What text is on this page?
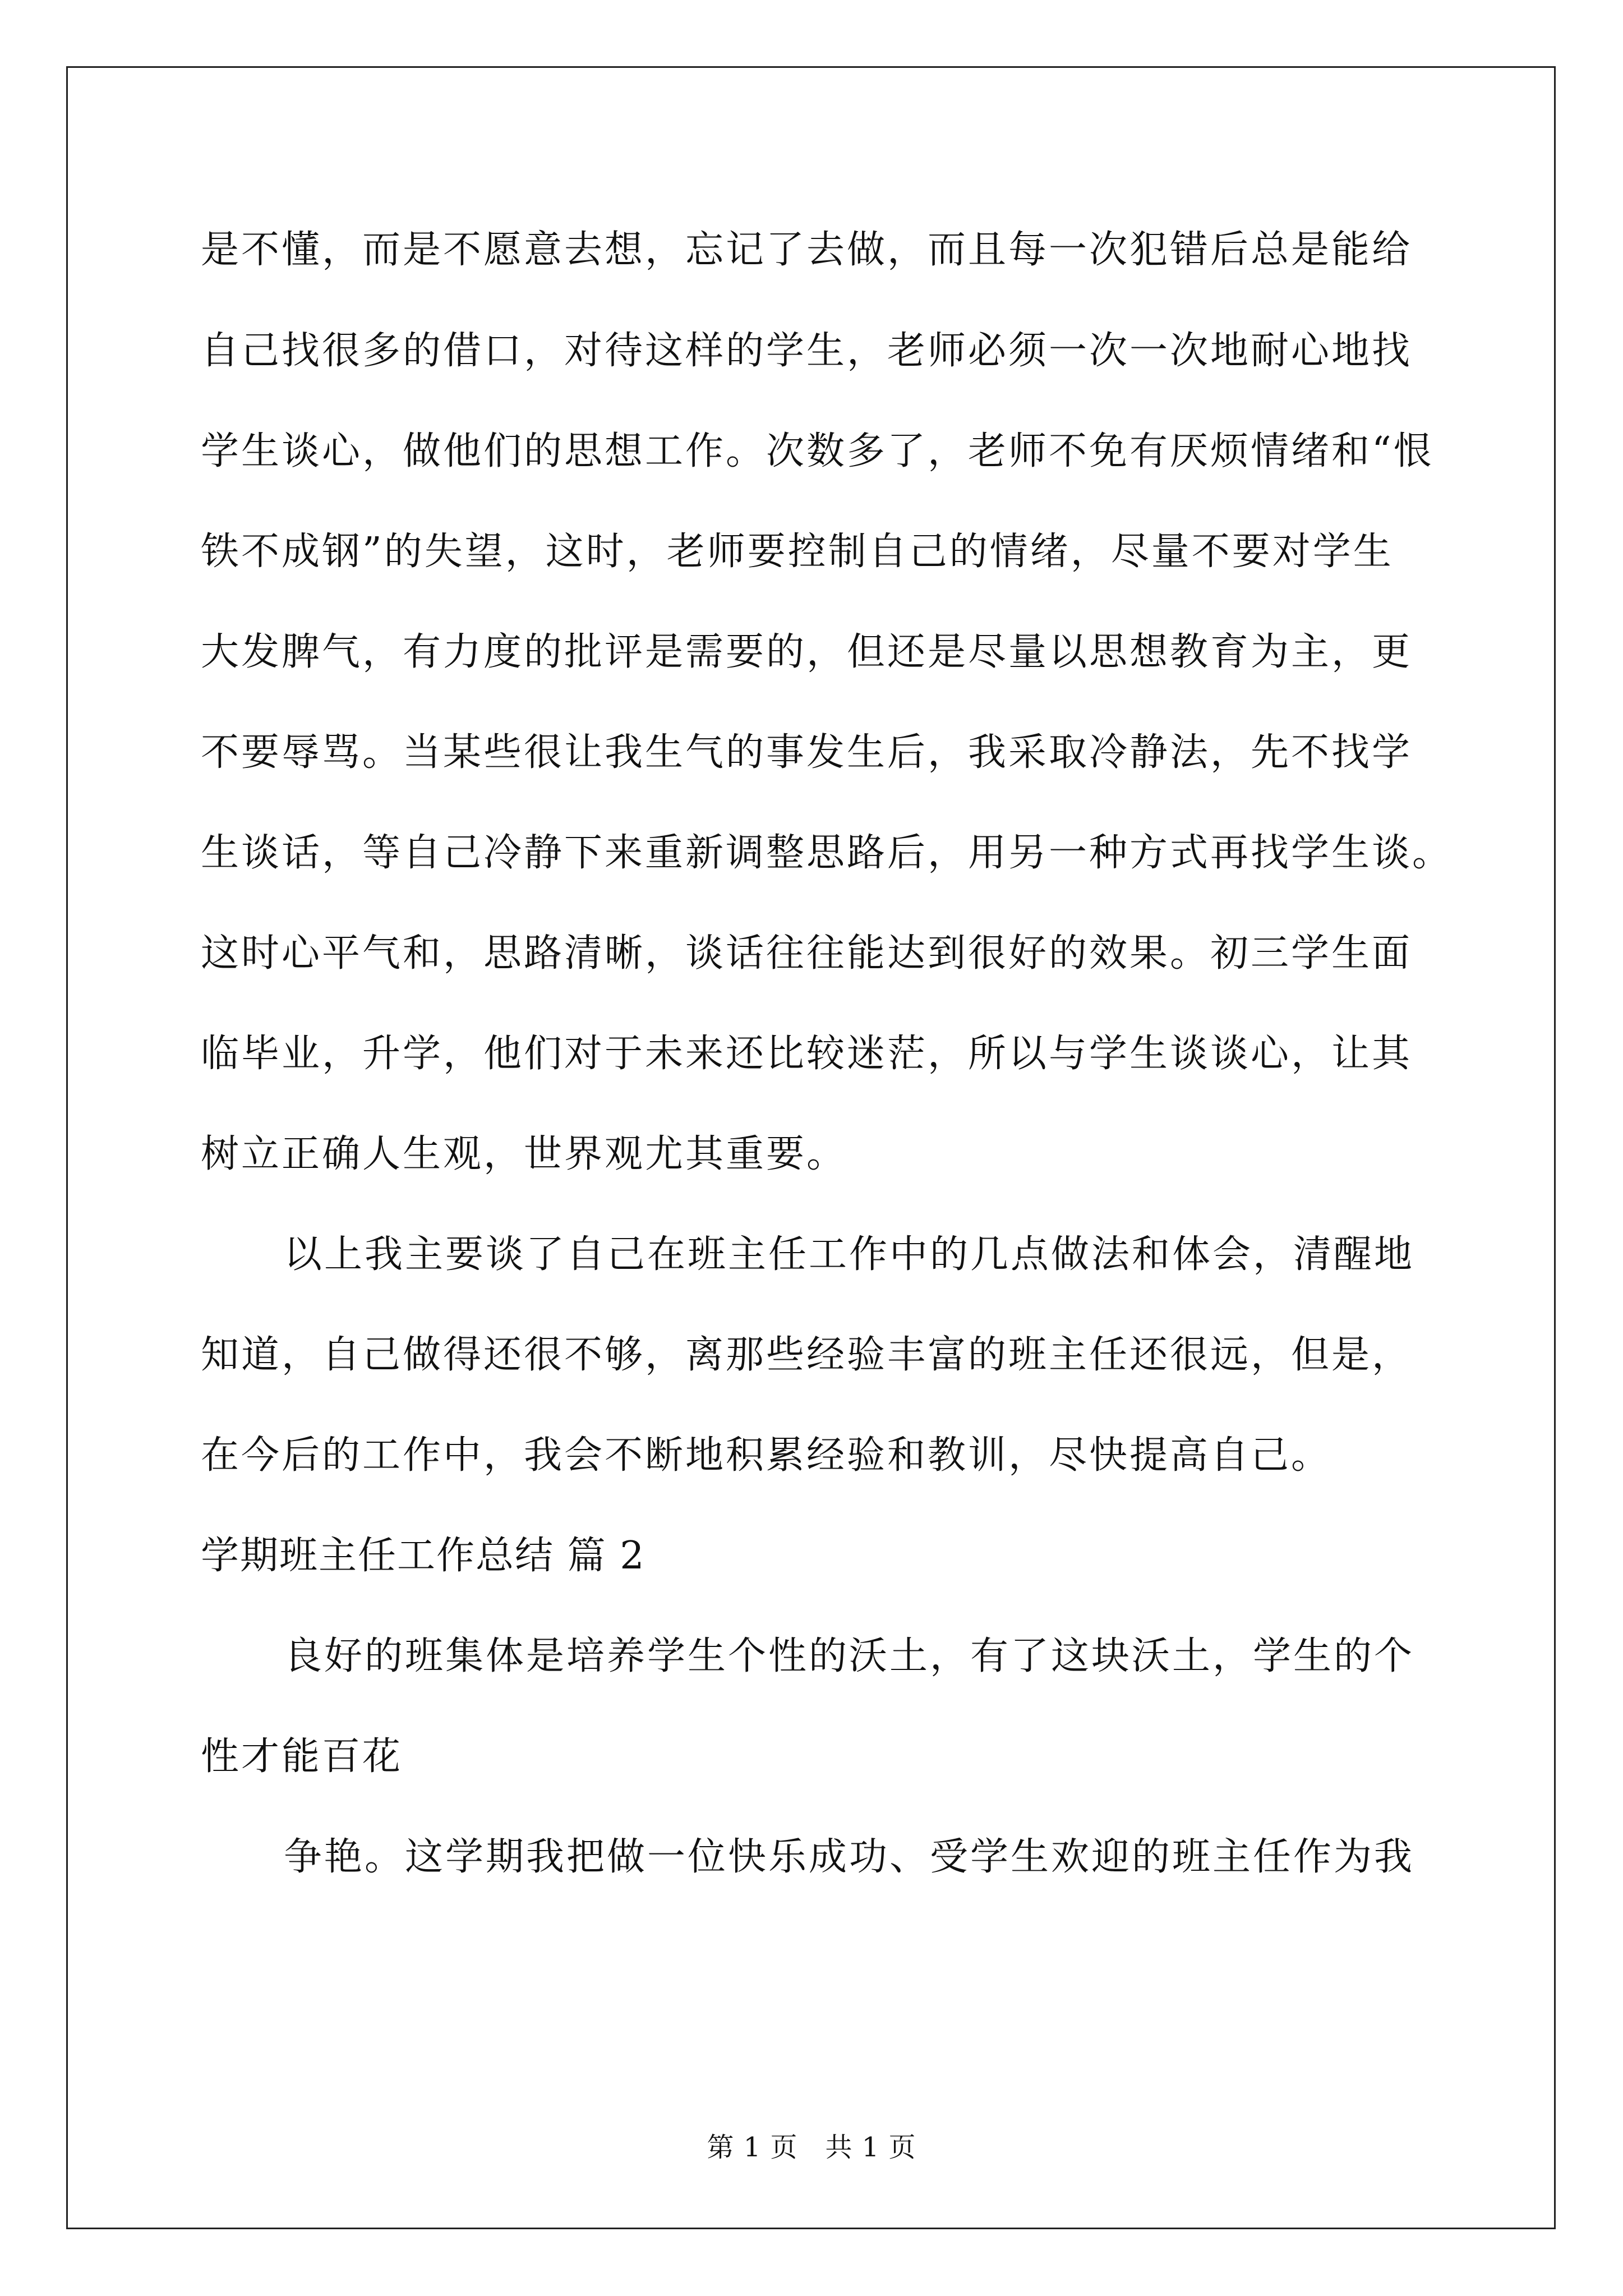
是不懂，而是不愿意去想，忘记了去做，而且每一次犯错后总是能给
自己找很多的借口，对待这样的学生，老师必须一次一次地耐心地找
学生谈心，做他们的思想工作。次数多了，老师不免有厌烦情绪和“恨
铁不成钢”的失望，这时，老师要控制自己的情绪，尽量不要对学生
大发脾气，有力度的批评是需要的，但还是尽量以思想教育为主，更
不要辱骂。当某些很让我生气的事发生后，我采取冷静法，先不找学
生谈话，等自己冷静下来重新调整思路后，用另一种方式再找学生谈。
这时心平气和，思路清晰，谈话往往能达到很好的效果。初三学生面
临毕业，升学，他们对于未来还比较迷茫，所以与学生谈谈心，让其
树立正确人生观，世界观尤其重要。
以上我主要谈了自己在班主任工作中的几点做法和体会，清醒地
知道，自己做得还很不够，离那些经验丰富的班主任还很远，但是，
在今后的工作中，我会不断地积累经验和教训，尽快提高自己。
学期班主任工作总结 篇 2
良好的班集体是培养学生个性的沃土，有了这块沃土，学生的个
性才能百花
争艳。这学期我把做一位快乐成功、受学生欢迎的班主任作为我
第 1 页　共 1 页
